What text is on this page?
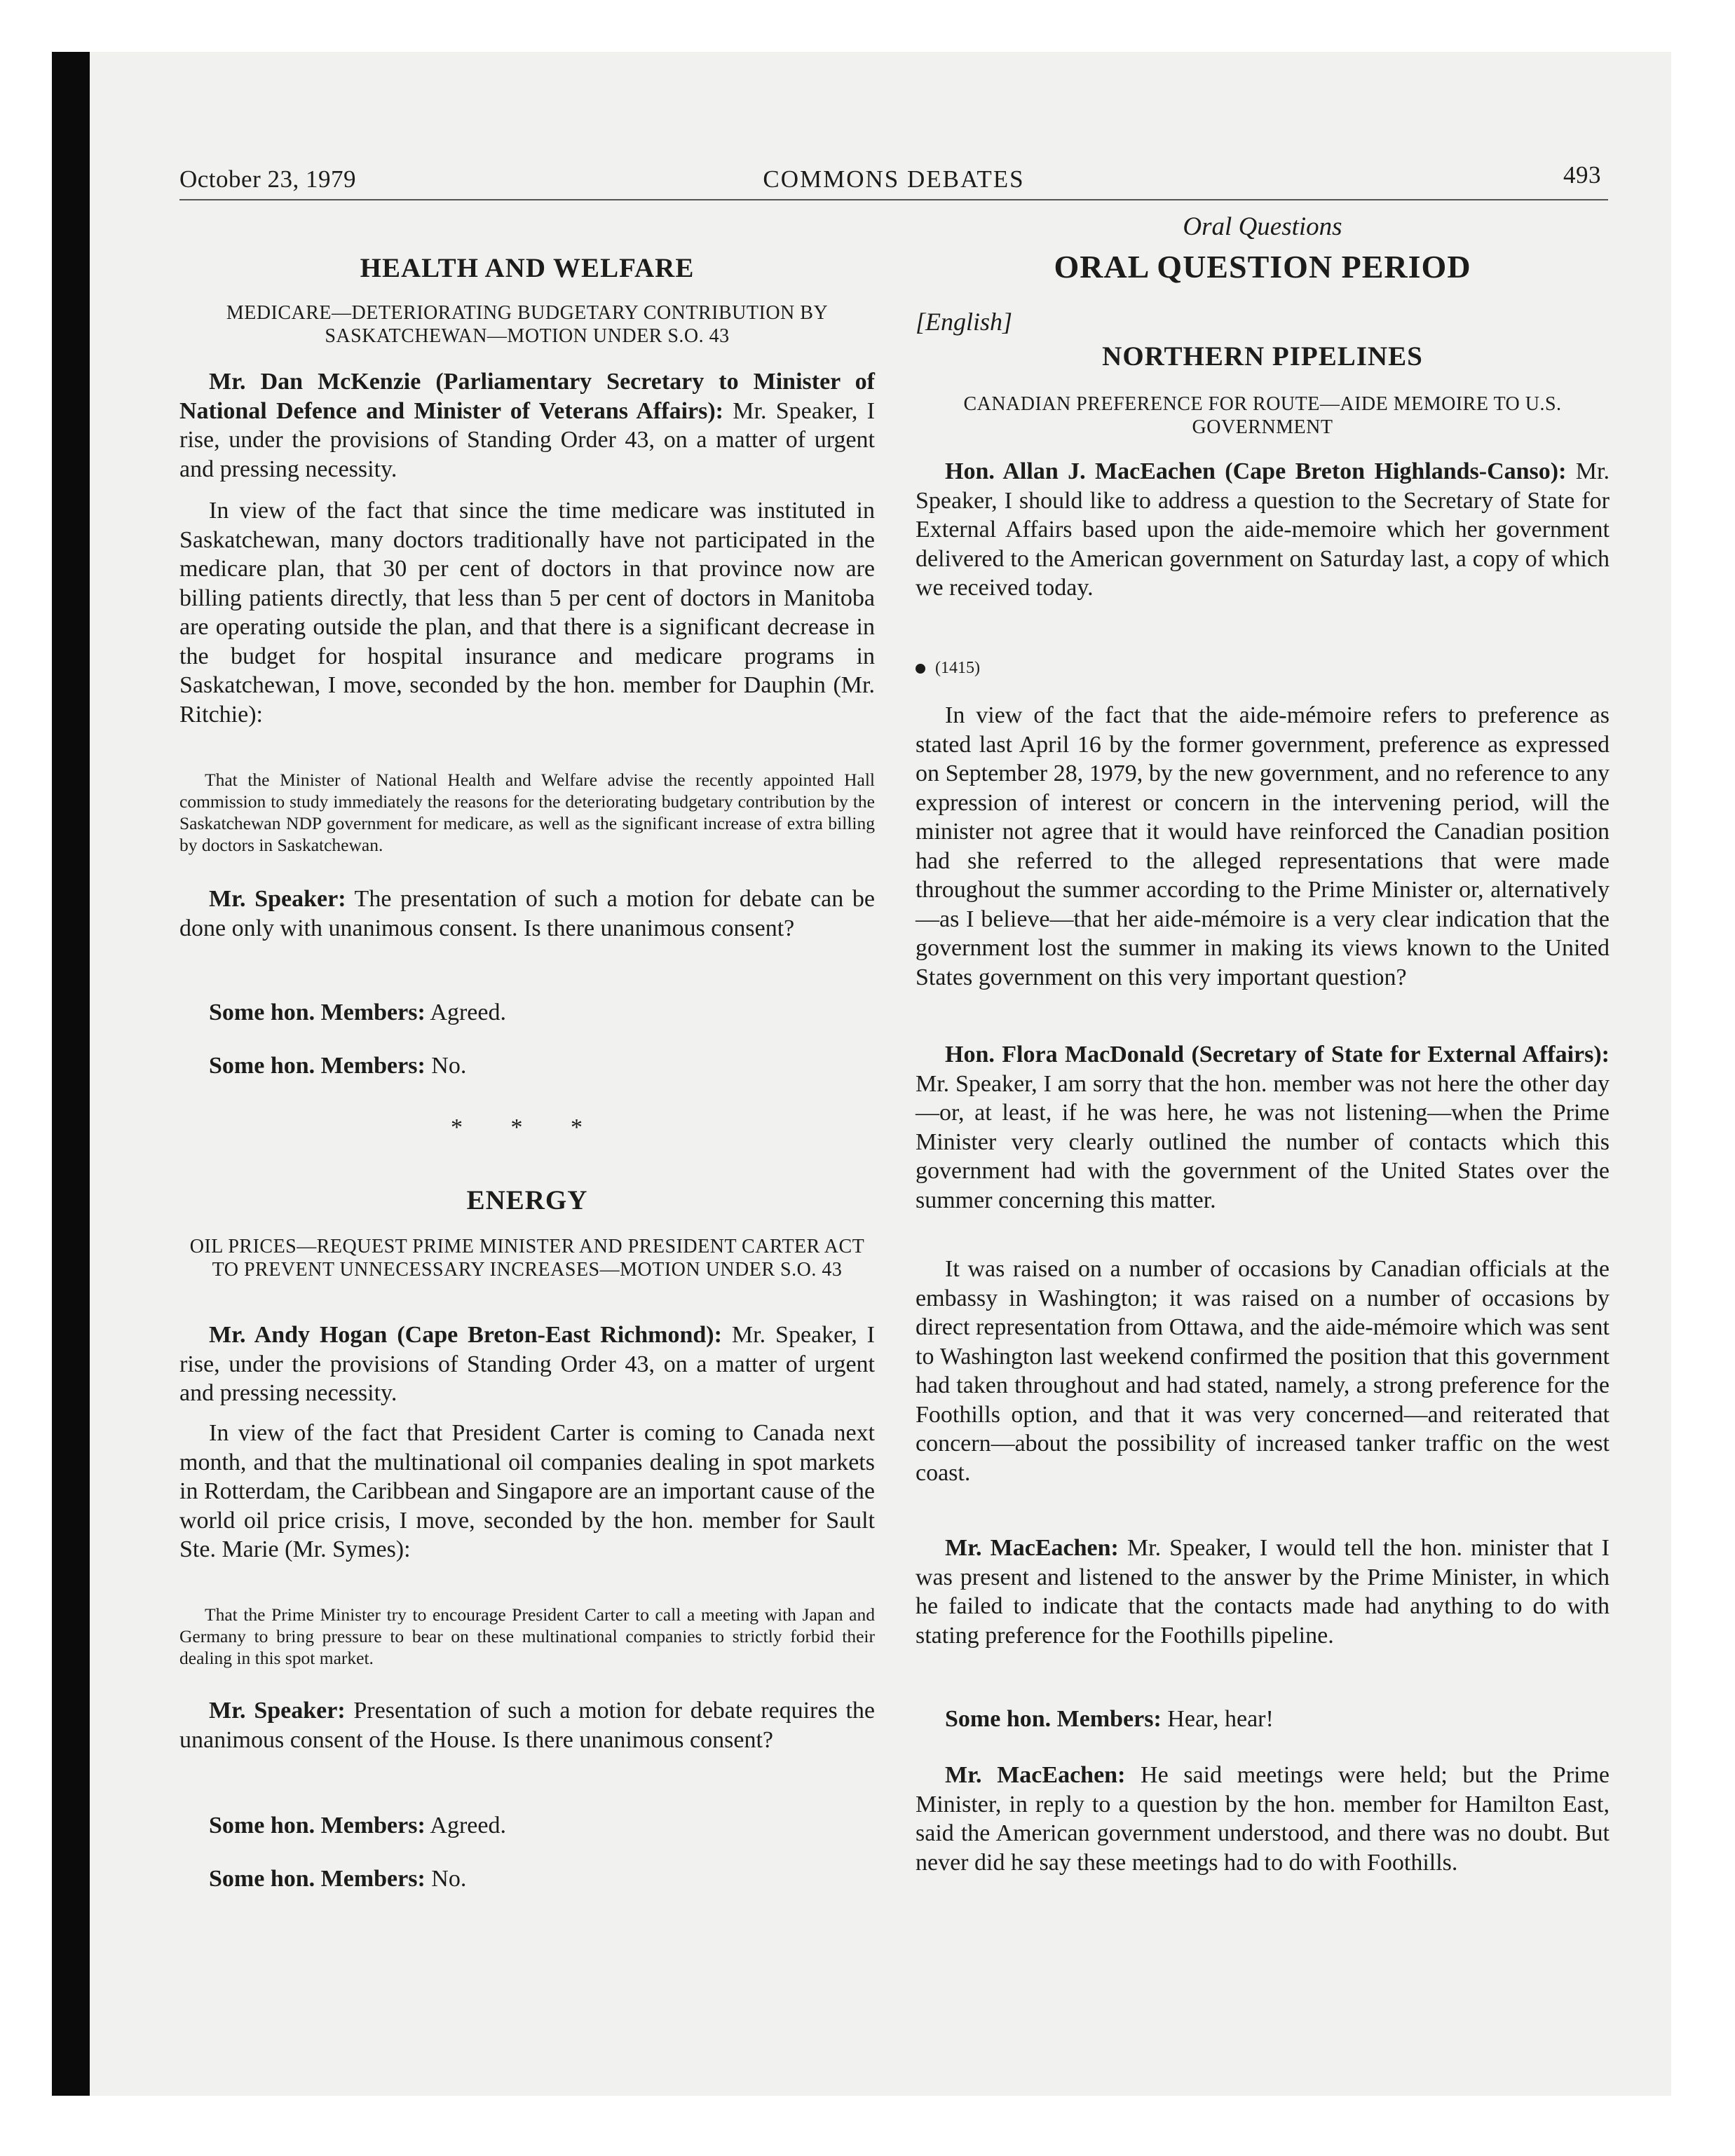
October 23, 1979	COMMONS DEBATES	493
HEALTH AND WELFARE
MEDICARE—DETERIORATING BUDGETARY CONTRIBUTION BY SASKATCHEWAN—MOTION UNDER S.O. 43

Mr. Dan McKenzie (Parliamentary Secretary to Minister of National Defence and Minister of Veterans Affairs): Mr. Speaker, I rise, under the provisions of Standing Order 43, on a matter of urgent and pressing necessity.

In view of the fact that since the time medicare was instituted in Saskatchewan, many doctors traditionally have not participated in the medicare plan, that 30 per cent of doctors in that province now are billing patients directly, that less than 5 per cent of doctors in Manitoba are operating outside the plan, and that there is a significant decrease in the budget for hospital insurance and medicare programs in Saskatchewan, I move, seconded by the hon. member for Dauphin (Mr. Ritchie):

That the Minister of National Health and Welfare advise the recently appointed Hall commission to study immediately the reasons for the deteriorating budgetary contribution by the Saskatchewan NDP government for medicare, as well as the significant increase of extra billing by doctors in Saskatchewan.

Mr. Speaker: The presentation of such a motion for debate can be done only with unanimous consent. Is there unanimous consent?

Some hon. Members: Agreed.

Some hon. Members: No.

* * *
ENERGY
OIL PRICES—REQUEST PRIME MINISTER AND PRESIDENT CARTER ACT TO PREVENT UNNECESSARY INCREASES—MOTION UNDER S.O. 43

Mr. Andy Hogan (Cape Breton-East Richmond): Mr. Speaker, I rise, under the provisions of Standing Order 43, on a matter of urgent and pressing necessity.

In view of the fact that President Carter is coming to Canada next month, and that the multinational oil companies dealing in spot markets in Rotterdam, the Caribbean and Singapore are an important cause of the world oil price crisis, I move, seconded by the hon. member for Sault Ste. Marie (Mr. Symes):

That the Prime Minister try to encourage President Carter to call a meeting with Japan and Germany to bring pressure to bear on these multinational companies to strictly forbid their dealing in this spot market.

Mr. Speaker: Presentation of such a motion for debate requires the unanimous consent of the House. Is there unanimous consent?

Some hon. Members: Agreed.

Some hon. Members: No.

Oral Questions
ORAL QUESTION PERIOD
[English]
NORTHERN PIPELINES
CANADIAN PREFERENCE FOR ROUTE—AIDE MEMOIRE TO U.S. GOVERNMENT

Hon. Allan J. MacEachen (Cape Breton Highlands-Canso): Mr. Speaker, I should like to address a question to the Secretary of State for External Affairs based upon the aide-memoire which her government delivered to the American government on Saturday last, a copy of which we received today.

(1415)

In view of the fact that the aide-mémoire refers to preference as stated last April 16 by the former government, preference as expressed on September 28, 1979, by the new government, and no reference to any expression of interest or concern in the intervening period, will the minister not agree that it would have reinforced the Canadian position had she referred to the alleged representations that were made throughout the summer according to the Prime Minister or, alternatively—as I believe—that her aide-mémoire is a very clear indication that the government lost the summer in making its views known to the United States government on this very important question?

Hon. Flora MacDonald (Secretary of State for External Affairs): Mr. Speaker, I am sorry that the hon. member was not here the other day—or, at least, if he was here, he was not listening—when the Prime Minister very clearly outlined the number of contacts which this government had with the government of the United States over the summer concerning this matter.

It was raised on a number of occasions by Canadian officials at the embassy in Washington; it was raised on a number of occasions by direct representation from Ottawa, and the aide-mémoire which was sent to Washington last weekend confirmed the position that this government had taken throughout and had stated, namely, a strong preference for the Foothills option, and that it was very concerned—and reiterated that concern—about the possibility of increased tanker traffic on the west coast.

Mr. MacEachen: Mr. Speaker, I would tell the hon. minister that I was present and listened to the answer by the Prime Minister, in which he failed to indicate that the contacts made had anything to do with stating preference for the Foothills pipeline.

Some hon. Members: Hear, hear!

Mr. MacEachen: He said meetings were held; but the Prime Minister, in reply to a question by the hon. member for Hamilton East, said the American government understood, and there was no doubt. But never did he say these meetings had to do with Foothills.
